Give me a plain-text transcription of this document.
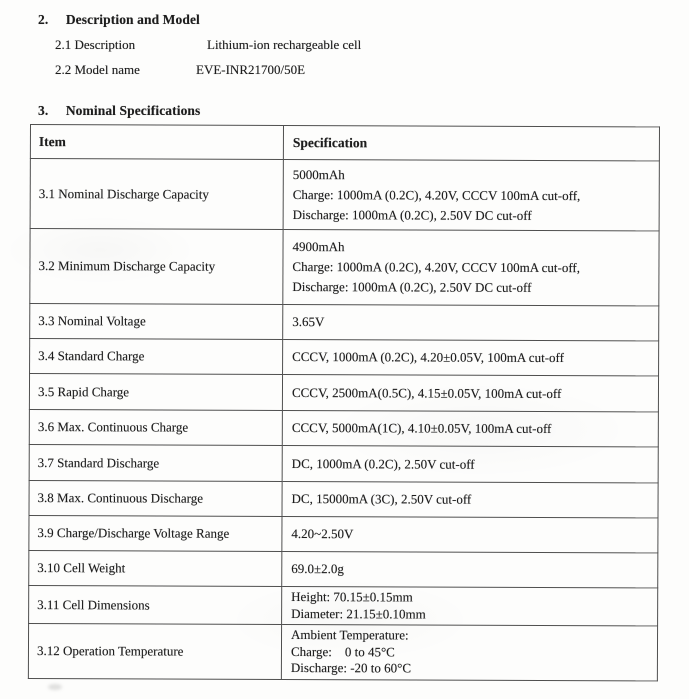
2. Description and Model
2.1 Description	Lithium-ion rechargeable cell
2.2 Model name	EVE-INR21700/50E
3. Nominal Specifications
Item	Specification
3.1 Nominal Discharge Capacity	5000mAh
Charge: 1000mA (0.2C), 4.20V, CCCV 100mA cut-off,
Discharge: 1000mA (0.2C), 2.50V DC cut-off

3.2 Minimum Discharge Capacity	4900mAh
Charge: 1000mA (0.2C), 4.20V, CCCV 100mA cut-off,
Discharge: 1000mA (0.2C), 2.50V DC cut-off

3.3 Nominal Voltage	3.65V

3.4 Standard Charge	CCCV, 1000mA (0.2C), 4.20±0.05V, 100mA cut-off

3.5 Rapid Charge	CCCV, 2500mA(0.5C), 4.15±0.05V, 100mA cut-off

3.6 Max. Continuous Charge	CCCV, 5000mA(1C), 4.10±0.05V, 100mA cut-off

3.7 Standard Discharge	DC, 1000mA (0.2C), 2.50V cut-off

3.8 Max. Continuous Discharge	DC, 15000mA (3C), 2.50V cut-off

3.9 Charge/Discharge Voltage Range	4.20~2.50V

3.10 Cell Weight	69.0±2.0g

3.11 Cell Dimensions	Height: 70.15±0.15mm
Diameter: 21.15±0.10mm

3.12 Operation Temperature	Ambient Temperature:
Charge:    0 to 45°C
Discharge: -20 to 60°C
